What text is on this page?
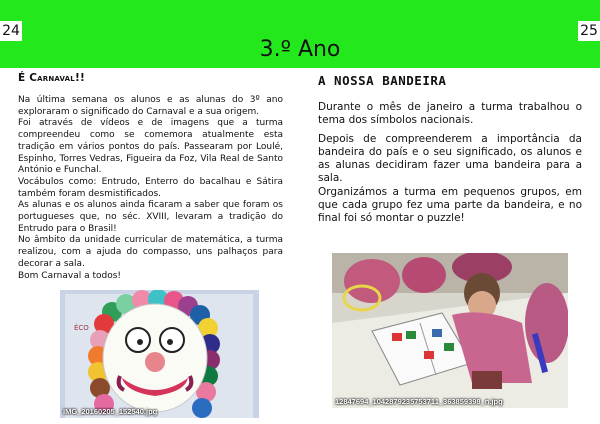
24	25
3.º Ano
É Carnaval!!

Na última semana os alunos e as alunas do 3º ano exploraram o significado do Carnaval e a sua origem.

Foi através de vídeos e de imagens que a turma compreendeu como se comemora atualmente esta tradição em vários pontos do país. Passearam por Loulé, Espinho, Torres Vedras, Figueira da Foz, Vila Real de Santo António e Funchal.

Vocábulos como: Entrudo, Enterro do bacalhau e Sátira também foram desmistificados.

As alunas e os alunos ainda ficaram a saber que foram os portugueses que, no séc. XVIII, levaram a tradição do Entrudo para o Brasil!

No âmbito da unidade curricular de matemática, a turma realizou, com a ajuda do compasso, uns palhaços para decorar a sala.

Bom Carnaval a todos!

ÉCO
IMG_20160205_152540.jpg
A NOSSA BANDEIRA

Durante o mês de janeiro a turma trabalhou o tema dos símbolos nacionais.

Depois de compreenderem a importância da bandeira do país e o seu significado, os alunos e as alunas decidiram fazer uma bandeira para a sala.

Organizámos a turma em pequenos grupos, em que cada grupo fez uma parte da bandeira, e no final foi só montar o puzzle!

12847694_1042879235753711_363859398_n.jpg
